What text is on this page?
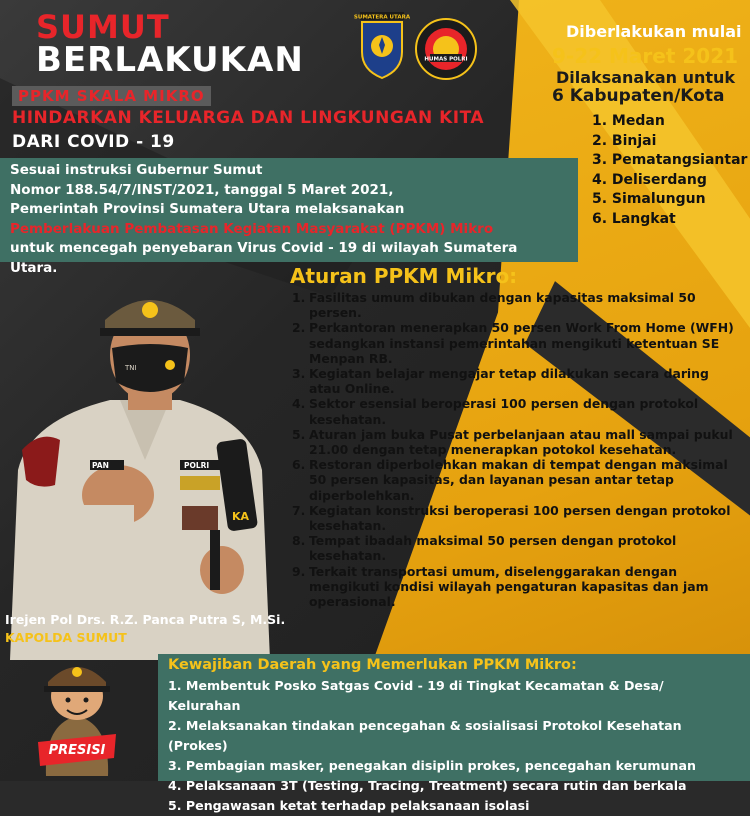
SUMUT
BERLAKUKAN
SUMATERA UTARA
HUMAS POLRI
Diberlakukan mulai
9-22 Maret 2021
Dilaksanakan untuk
6 Kabupaten/Kota
1. Medan
2. Binjai
3. Pematangsiantar
4. Deliserdang
5. Simalungun
6. Langkat
PPKM SKALA MIKRO
HINDARKAN KELUARGA DAN LINGKUNGAN KITA
DARI COVID - 19
Sesuai instruksi Gubernur Sumut
Nomor 188.54/7/INST/2021, tanggal 5 Maret 2021,
Pemerintah Provinsi Sumatera Utara melaksanakan
Pemberlakuan Pembatasan Kegiatan Masyarakat (PPKM) Mikro
untuk mencegah penyebaran Virus Covid - 19 di wilayah Sumatera Utara.	Aturan PPKM Mikro:
1. Fasilitas umum dibukan dengan kapasitas maksimal 50 persen.
2. Perkantoran menerapkan 50 persen Work From Home (WFH) sedangkan instansi pemerintahan mengikuti ketentuan SE Menpan RB.
3. Kegiatan belajar mengajar tetap dilakukan secara daring atau Online.
4. Sektor esensial beroperasi 100 persen dengan protokol kesehatan.
5. Aturan jam buka Pusat perbelanjaan atau mall sampai pukul 21.00 dengan tetap menerapkan potokol kesehatan.
6. Restoran diperbolehkan makan di tempat dengan maksimal 50 persen kapasitas, dan layanan pesan antar tetap diperbolehkan.
7. Kegiatan konstruksi beroperasi 100 persen dengan protokol kesehatan.
8. Tempat ibadah maksimal 50 persen dengan protokol kesehatan.
9. Terkait transportasi umum, diselenggarakan dengan mengikuti kondisi wilayah pengaturan kapasitas dan jam operasional.
KA
TNI
PAN	POLRI
Irejen Pol Drs. R.Z. Panca Putra S, M.Si.
KAPOLDA SUMUT
PRESISI
Kewajiban Daerah yang Memerlukan PPKM Mikro:
1. Membentuk Posko Satgas Covid - 19 di Tingkat Kecamatan & Desa/ Kelurahan
2. Melaksanakan tindakan pencegahan & sosialisasi Protokol Kesehatan (Prokes)
3. Pembagian masker, penegakan disiplin prokes, pencegahan kerumunan
4. Pelaksanaan 3T (Testing, Tracing, Treatment) secara rutin dan berkala
5. Pengawasan ketat terhadap pelaksanaan isolasi
